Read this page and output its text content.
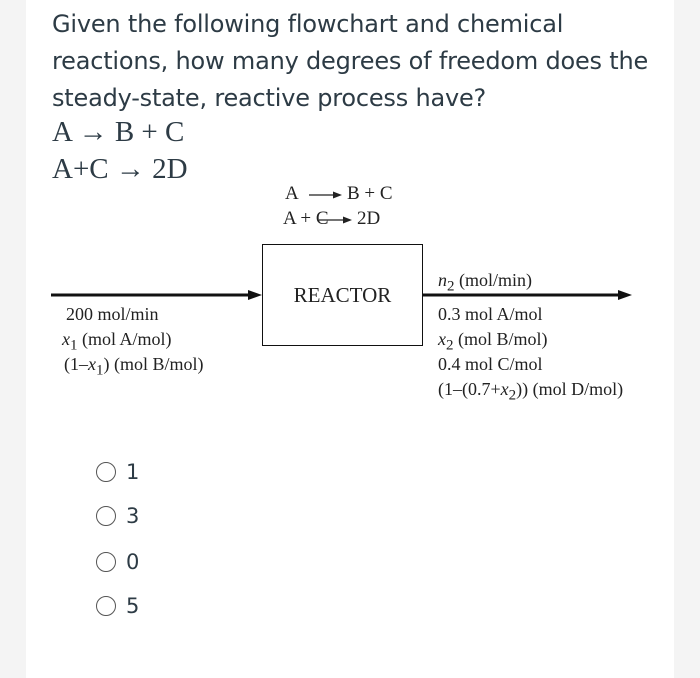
Given the following flowchart and chemical
reactions, how many degrees of freedom does the
steady-state, reactive process have?
A → B + C
A+C → 2D
A	B + C
A + C 2D
REACTOR
200 mol/min
$x_1$ (mol A/mol)
$(1-x_1)$ (mol B/mol)
$n_2$ (mol/min)
0.3 mol A/mol
$x_2$ (mol B/mol)
0.4 mol C/mol
$(1-(0.7+x_2))$ (mol D/mol)
1
3
0
5
